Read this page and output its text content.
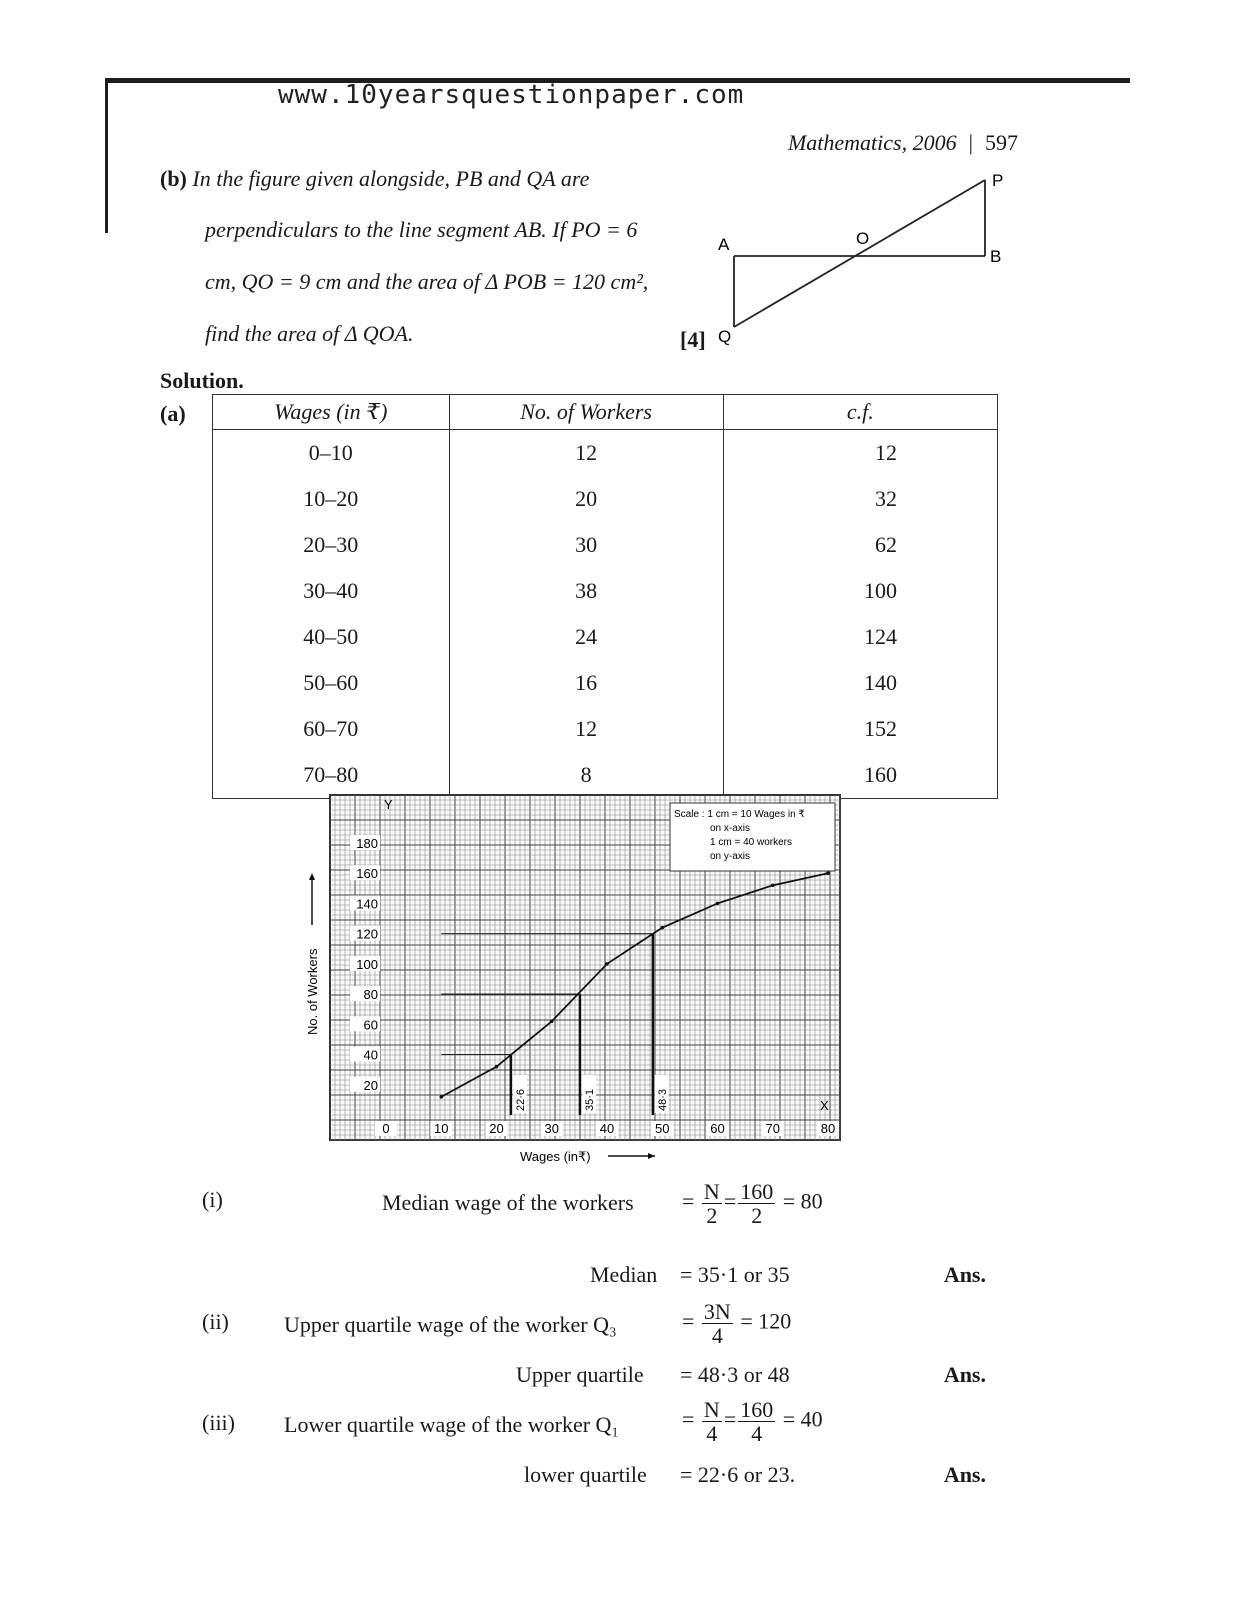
www.10yearsquestionpaper.com
Mathematics, 2006 | 597
(b) In the figure given alongside, PB and QA are
perpendiculars to the line segment AB. If PO = 6
cm, QO = 9 cm and the area of Δ POB = 120 cm²,
find the area of Δ QOA.	[4]
P
B
O
A
Q
Solution.
(a)	Wages (in ₹)	No. of Workers	c.f.
0–10	12	12
10–20	20	32
20–30	30	62
30–40	38	100
40–50	24	124
50–60	16	140
60–70	12	152
70–80	8	160
0	10	20	30	40	50	60	70	80
20
40
60
80
100
120
140
160
180
22·6	35·1	48·3
Scale : 1 cm = 10 Wages in ₹
on x-axis
1 cm = 40 workers
on y-axis
Y
X
Wages (in₹)
No. of Workers
(i)	Median wage of the workers = $\frac{N}{2} = \frac{160}{2} = 80$
Median = 35·1 or 35	Ans.
(ii)	Upper quartile wage of the worker Q₃	= $\frac{3N}{4} = 120$
Upper quartile = 48·3 or 48	Ans.
(iii) Lower quartile wage of the worker Q₁	= $\frac{N}{4} = \frac{160}{4} = 40$
lower quartile = 22·6 or 23.	Ans.
